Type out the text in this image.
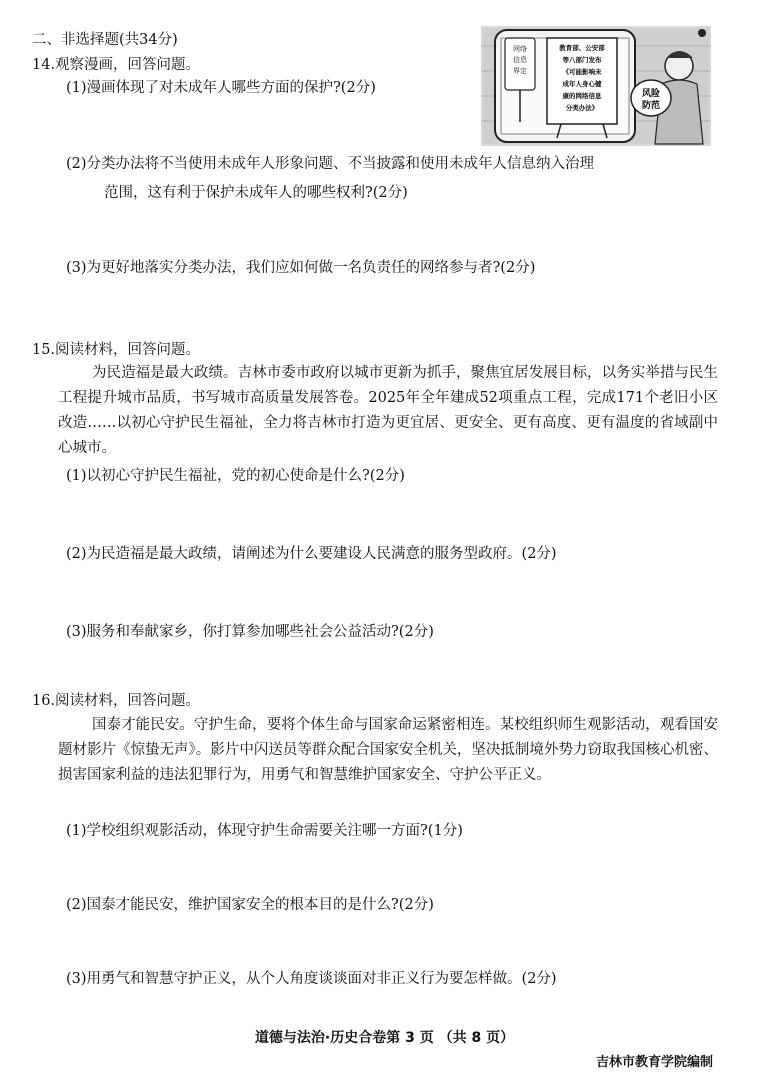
二、非选择题(共34分)
14.观察漫画，回答问题。
(1)漫画体现了对未成年人哪些方面的保护?(2分)
网络
信息
界定
教育部、公安部
等八部门发布
《可能影响未
成年人身心健
康的网络信息
分类办法》
风险
防范
(2)分类办法将不当使用未成年人形象问题、不当披露和使用未成年人信息纳入治理
范围，这有利于保护未成年人的哪些权利?(2分)
(3)为更好地落实分类办法，我们应如何做一名负责任的网络参与者?(2分)
15.阅读材料，回答问题。
为民造福是最大政绩。吉林市委市政府以城市更新为抓手，聚焦宜居发展目标，以务实举措与民生工程提升城市品质，书写城市高质量发展答卷。2025年全年建成52项重点工程，完成171个老旧小区改造……以初心守护民生福祉，全力将吉林市打造为更宜居、更安全、更有高度、更有温度的省域副中心城市。
(1)以初心守护民生福祉，党的初心使命是什么?(2分)
(2)为民造福是最大政绩，请阐述为什么要建设人民满意的服务型政府。(2分)
(3)服务和奉献家乡，你打算参加哪些社会公益活动?(2分)
16.阅读材料，回答问题。
国泰才能民安。守护生命，要将个体生命与国家命运紧密相连。某校组织师生观影活动，观看国安题材影片《惊蛰无声》。影片中闪送员等群众配合国家安全机关，坚决抵制境外势力窃取我国核心机密、损害国家利益的违法犯罪行为，用勇气和智慧维护国家安全、守护公平正义。
(1)学校组织观影活动，体现守护生命需要关注哪一方面?(1分)
(2)国泰才能民安，维护国家安全的根本目的是什么?(2分)
(3)用勇气和智慧守护正义，从个人角度谈谈面对非正义行为要怎样做。(2分)
道德与法治·历史合卷第 3 页 （共 8 页）
吉林市教育学院编制
